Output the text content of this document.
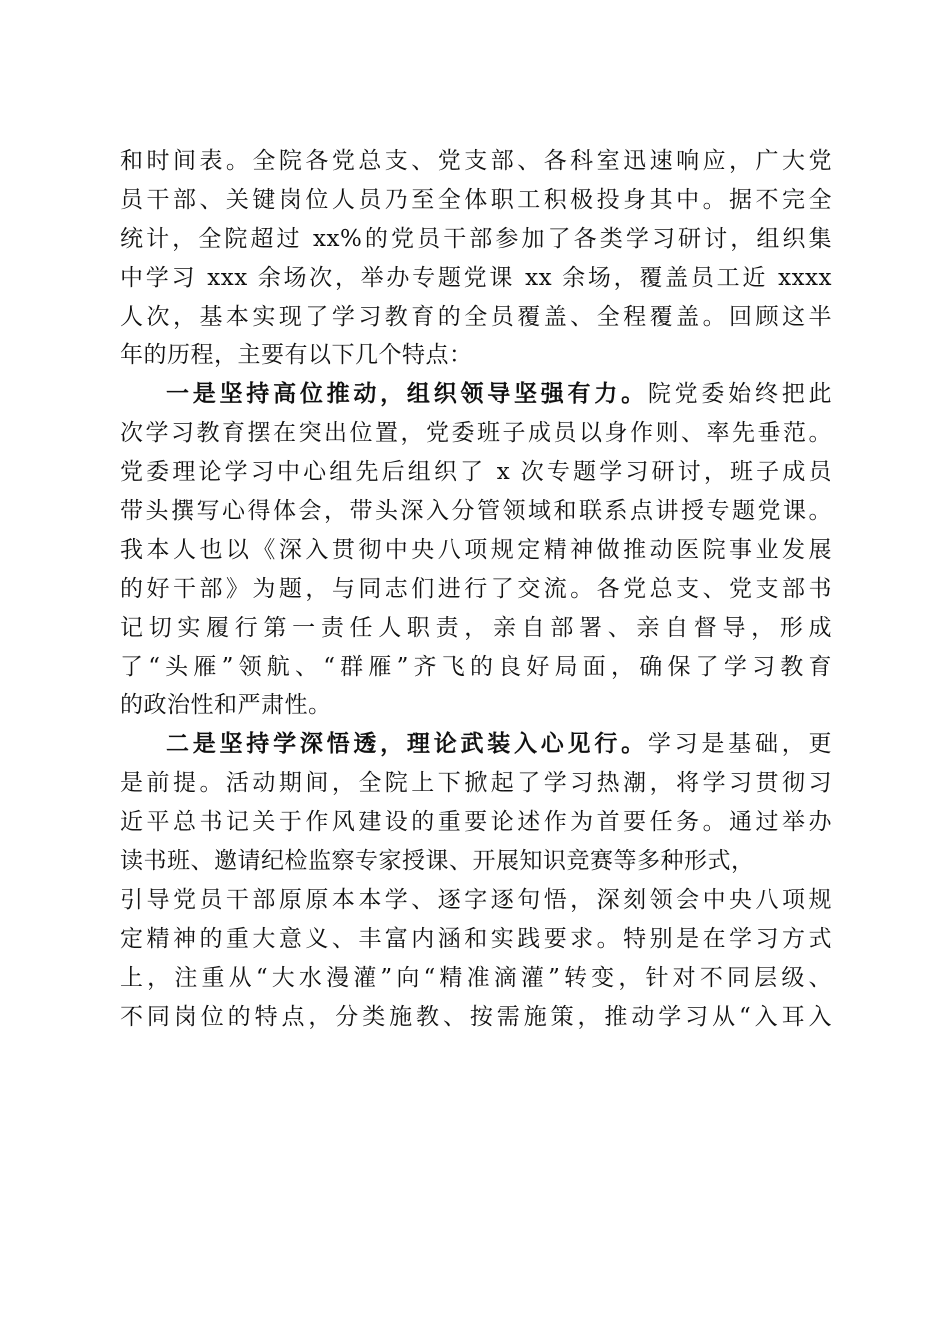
和时间表。全院各党总支、党支部、各科室迅速响应，广大党
员干部、关键岗位人员乃至全体职工积极投身其中。据不完全
统计，全院超过 xx%的党员干部参加了各类学习研讨，组织集
中学习 xxx 余场次，举办专题党课 xx 余场，覆盖员工近 xxxx
人次，基本实现了学习教育的全员覆盖、全程覆盖。回顾这半
年的历程，主要有以下几个特点：
一是坚持高位推动，组织领导坚强有力。院党委始终把此
次学习教育摆在突出位置，党委班子成员以身作则、率先垂范。
党委理论学习中心组先后组织了 x 次专题学习研讨，班子成员
带头撰写心得体会，带头深入分管领域和联系点讲授专题党课。
我本人也以《深入贯彻中央八项规定精神做推动医院事业发展
的好干部》为题，与同志们进行了交流。各党总支、党支部书
记切实履行第一责任人职责，亲自部署、亲自督导，形成
了“头雁”领航、“群雁”齐飞的良好局面，确保了学习教育
的政治性和严肃性。
二是坚持学深悟透，理论武装入心见行。学习是基础，更
是前提。活动期间，全院上下掀起了学习热潮，将学习贯彻习
近平总书记关于作风建设的重要论述作为首要任务。通过举办
读书班、邀请纪检监察专家授课、开展知识竞赛等多种形式，
引导党员干部原原本本学、逐字逐句悟，深刻领会中央八项规
定精神的重大意义、丰富内涵和实践要求。特别是在学习方式
上，注重从“大水漫灌”向“精准滴灌”转变，针对不同层级、
不同岗位的特点，分类施教、按需施策，推动学习从“入耳入
